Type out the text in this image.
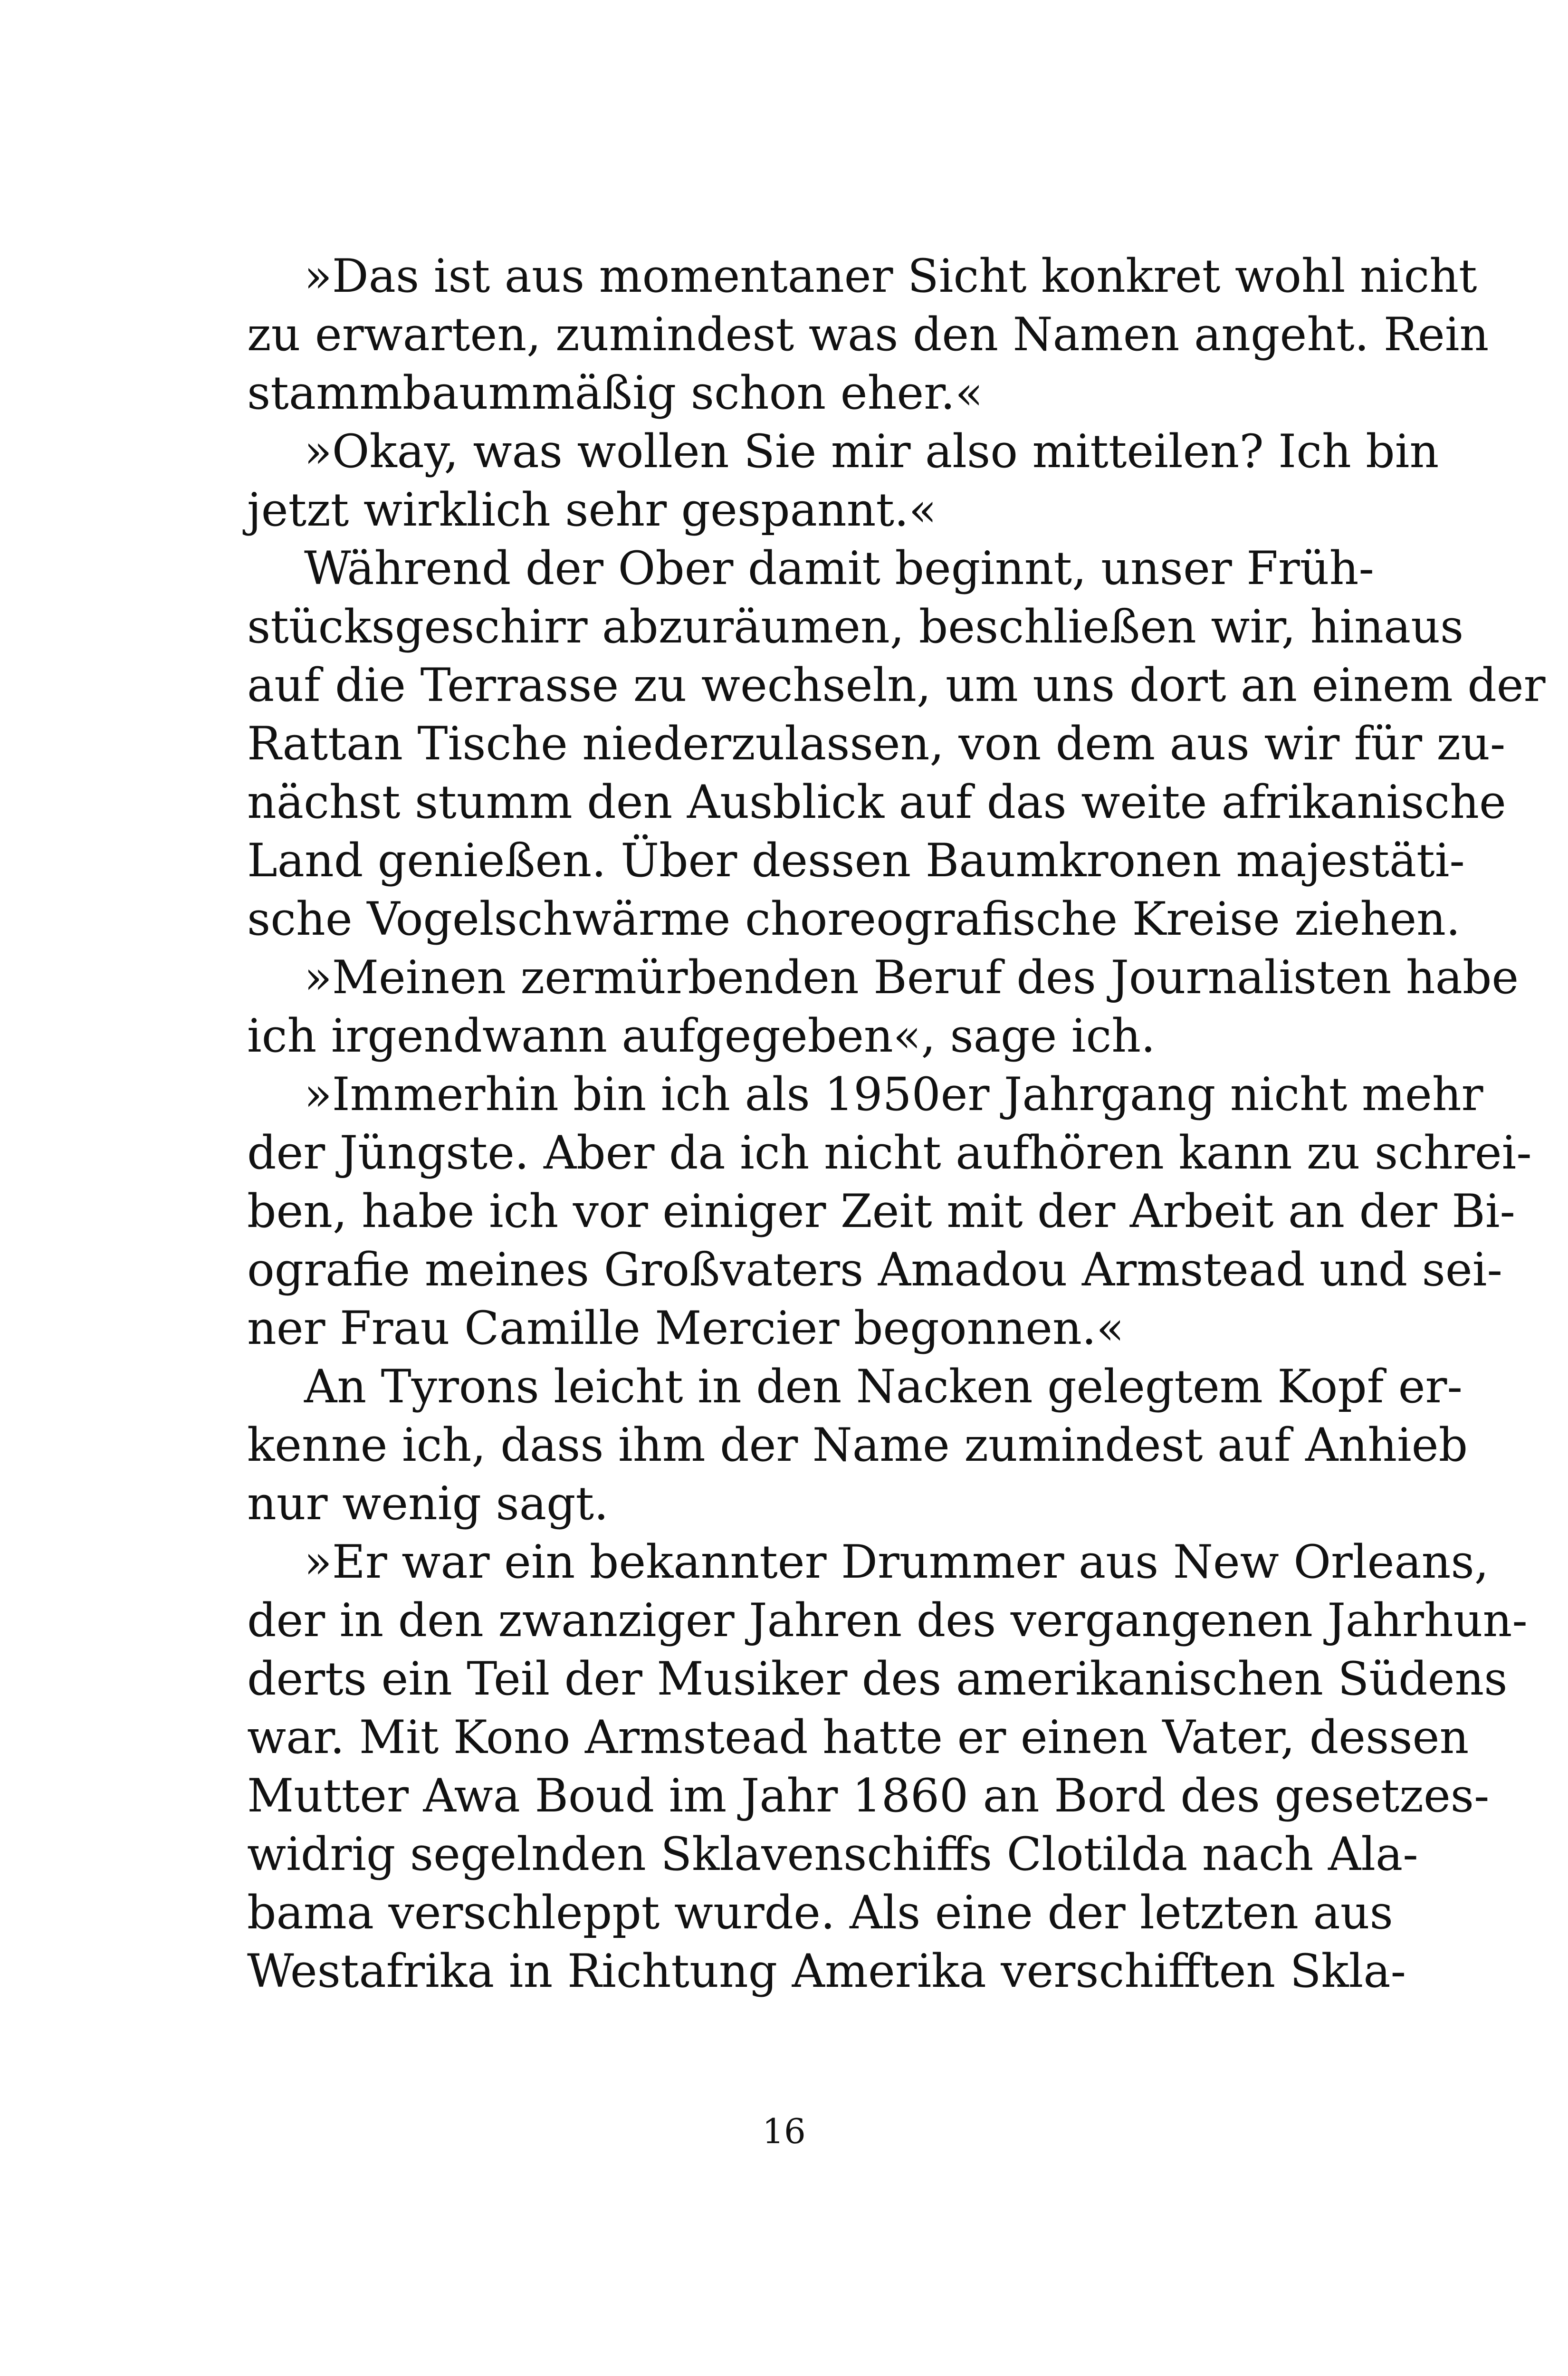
»Das ist aus momentaner Sicht konkret wohl nicht
zu erwarten, zumindest was den Namen angeht. Rein
stammbaummäßig schon eher.«
»Okay, was wollen Sie mir also mitteilen? Ich bin
jetzt wirklich sehr gespannt.«
Während der Ober damit beginnt, unser Früh-
stücksgeschirr abzuräumen, beschließen wir, hinaus
auf die Terrasse zu wechseln, um uns dort an einem der
Rattan Tische niederzulassen, von dem aus wir für zu-
nächst stumm den Ausblick auf das weite afrikanische
Land genießen. Über dessen Baumkronen majestäti-
sche Vogelschwärme choreografische Kreise ziehen.
»Meinen zermürbenden Beruf des Journalisten habe
ich irgendwann aufgegeben«, sage ich.
»Immerhin bin ich als 1950er Jahrgang nicht mehr
der Jüngste. Aber da ich nicht aufhören kann zu schrei-
ben, habe ich vor einiger Zeit mit der Arbeit an der Bi-
ografie meines Großvaters Amadou Armstead und sei-
ner Frau Camille Mercier begonnen.«
An Tyrons leicht in den Nacken gelegtem Kopf er-
kenne ich, dass ihm der Name zumindest auf Anhieb
nur wenig sagt.
»Er war ein bekannter Drummer aus New Orleans,
der in den zwanziger Jahren des vergangenen Jahrhun-
derts ein Teil der Musiker des amerikanischen Südens
war. Mit Kono Armstead hatte er einen Vater, dessen
Mutter Awa Boud im Jahr 1860 an Bord des gesetzes-
widrig segelnden Sklavenschiffs Clotilda nach Ala-
bama verschleppt wurde. Als eine der letzten aus
Westafrika in Richtung Amerika verschifften Skla-
16
